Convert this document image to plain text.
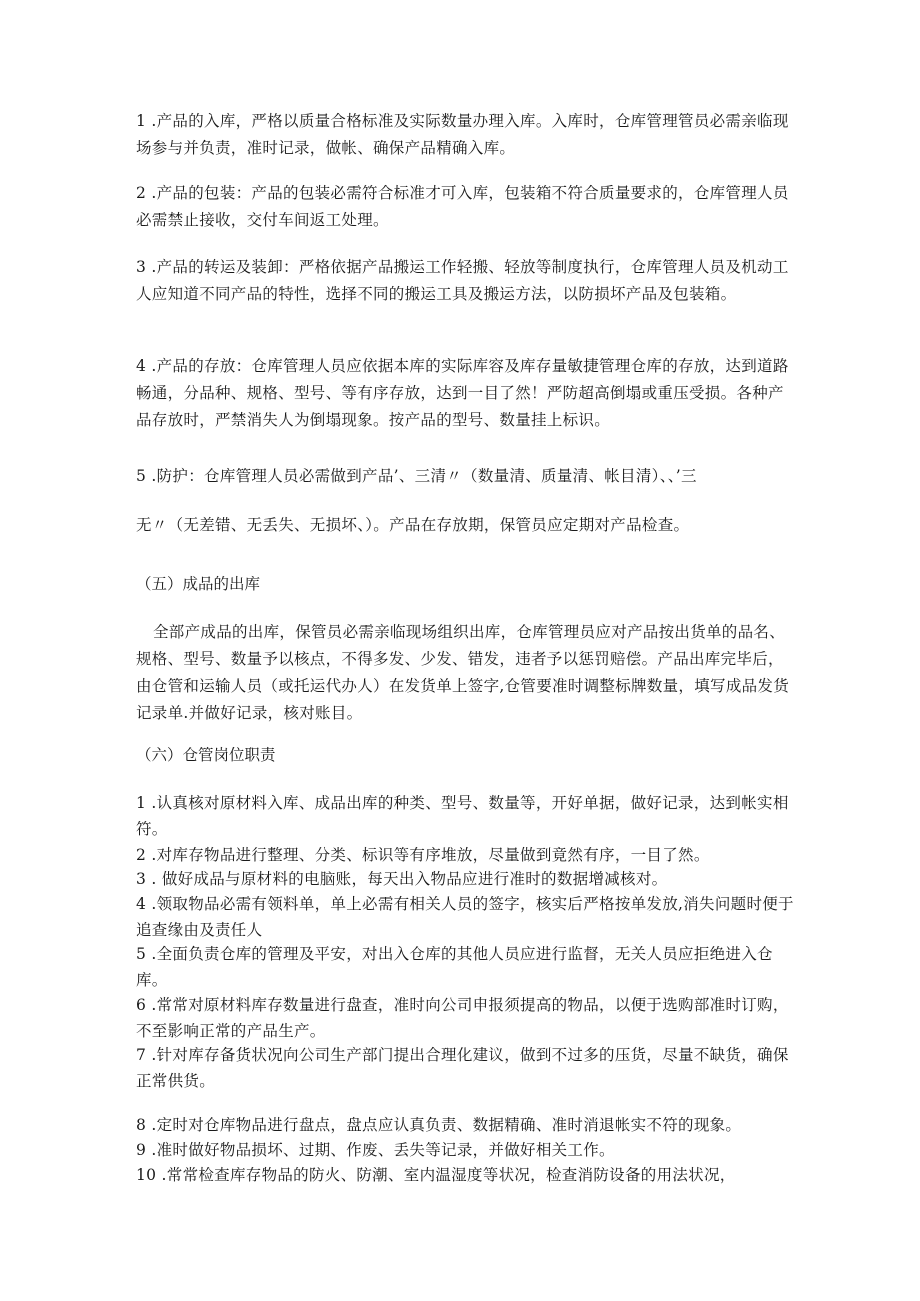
1 .产品的入库，严格以质量合格标准及实际数量办理入库。入库时，仓库管理管员必需亲临现场参与并负责，准时记录，做帐、确保产品精确入库。

2 .产品的包装：产品的包装必需符合标准才可入库，包装箱不符合质量要求的，仓库管理人员必需禁止接收，交付车间返工处理。

3 .产品的转运及装卸：严格依据产品搬运工作轻搬、轻放等制度执行，仓库管理人员及机动工人应知道不同产品的特性，选择不同的搬运工具及搬运方法，以防损坏产品及包装箱。

4 .产品的存放：仓库管理人员应依据本库的实际库容及库存量敏捷管理仓库的存放，达到道路畅通，分品种、规格、型号、等有序存放，达到一目了然！严防超高倒塌或重压受损。各种产品存放时，严禁消失人为倒塌现象。按产品的型号、数量挂上标识。

5 .防护：仓库管理人员必需做到产品’、三清〃（数量清、质量清、帐目清）、、’三

无〃（无差错、无丢失、无损坏、）。产品在存放期，保管员应定期对产品检查。

（五）成品的出库

全部产成品的出库，保管员必需亲临现场组织出库，仓库管理员应对产品按出货单的品名、规格、型号、数量予以核点，不得多发、少发、错发，违者予以惩罚赔偿。产品出库完毕后，由仓管和运输人员（或托运代办人）在发货单上签字,仓管要准时调整标牌数量，填写成品发货记录单.并做好记录，核对账目。

（六）仓管岗位职责

1 .认真核对原材料入库、成品出库的种类、型号、数量等，开好单据，做好记录，达到帐实相符。

2 .对库存物品进行整理、分类、标识等有序堆放，尽量做到竟然有序，一目了然。

3 . 做好成品与原材料的电脑账，每天出入物品应进行准时的数据增减核对。

4 .领取物品必需有领料单，单上必需有相关人员的签字，核实后严格按单发放,消失问题时便于追查缘由及责任人

5 .全面负责仓库的管理及平安，对出入仓库的其他人员应进行监督，无关人员应拒绝进入仓库。

6 .常常对原材料库存数量进行盘查，准时向公司申报须提高的物品，以便于选购部准时订购，不至影响正常的产品生产。

7 .针对库存备货状况向公司生产部门提出合理化建议，做到不过多的压货，尽量不缺货，确保正常供货。

8 .定时对仓库物品进行盘点，盘点应认真负责、数据精确、准时消退帐实不符的现象。

9 .准时做好物品损坏、过期、作废、丢失等记录，并做好相关工作。

10 .常常检查库存物品的防火、防潮、室内温湿度等状况，检查消防设备的用法状况，
